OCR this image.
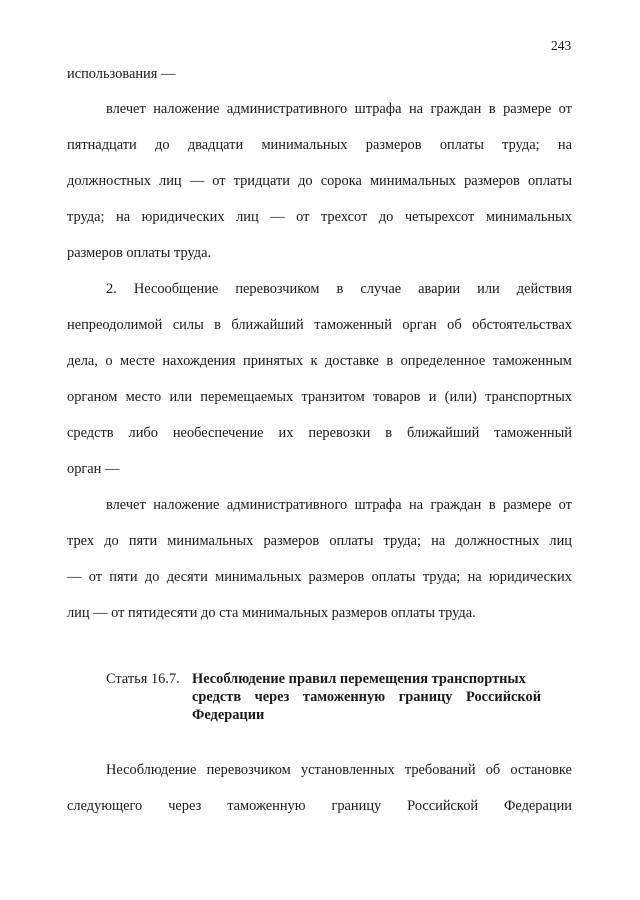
243
использования —
влечет наложение административного штрафа на граждан в размере от
пятнадцати до двадцати минимальных размеров оплаты труда; на
должностных лиц — от тридцати до сорока минимальных размеров оплаты
труда; на юридических лиц — от трехсот до четырехсот минимальных
размеров оплаты труда.
2. Несообщение перевозчиком в случае аварии или действия
непреодолимой силы в ближайший таможенный орган об обстоятельствах
дела, о месте нахождения принятых к доставке в определенное таможенным
органом место или перемещаемых транзитом товаров и (или) транспортных
средств либо необеспечение их перевозки в ближайший таможенный
орган —
влечет наложение административного штрафа на граждан в размере от
трех до пяти минимальных размеров оплаты труда; на должностных лиц
— от пяти до десяти минимальных размеров оплаты труда; на юридических
лиц — от пятидесяти до ста минимальных размеров оплаты труда.
Статья 16.7. Несоблюдение правил перемещения транспортных
средств через таможенную границу Российской
Федерации
Несоблюдение перевозчиком установленных требований об остановке
следующего через таможенную границу Российской Федерации
